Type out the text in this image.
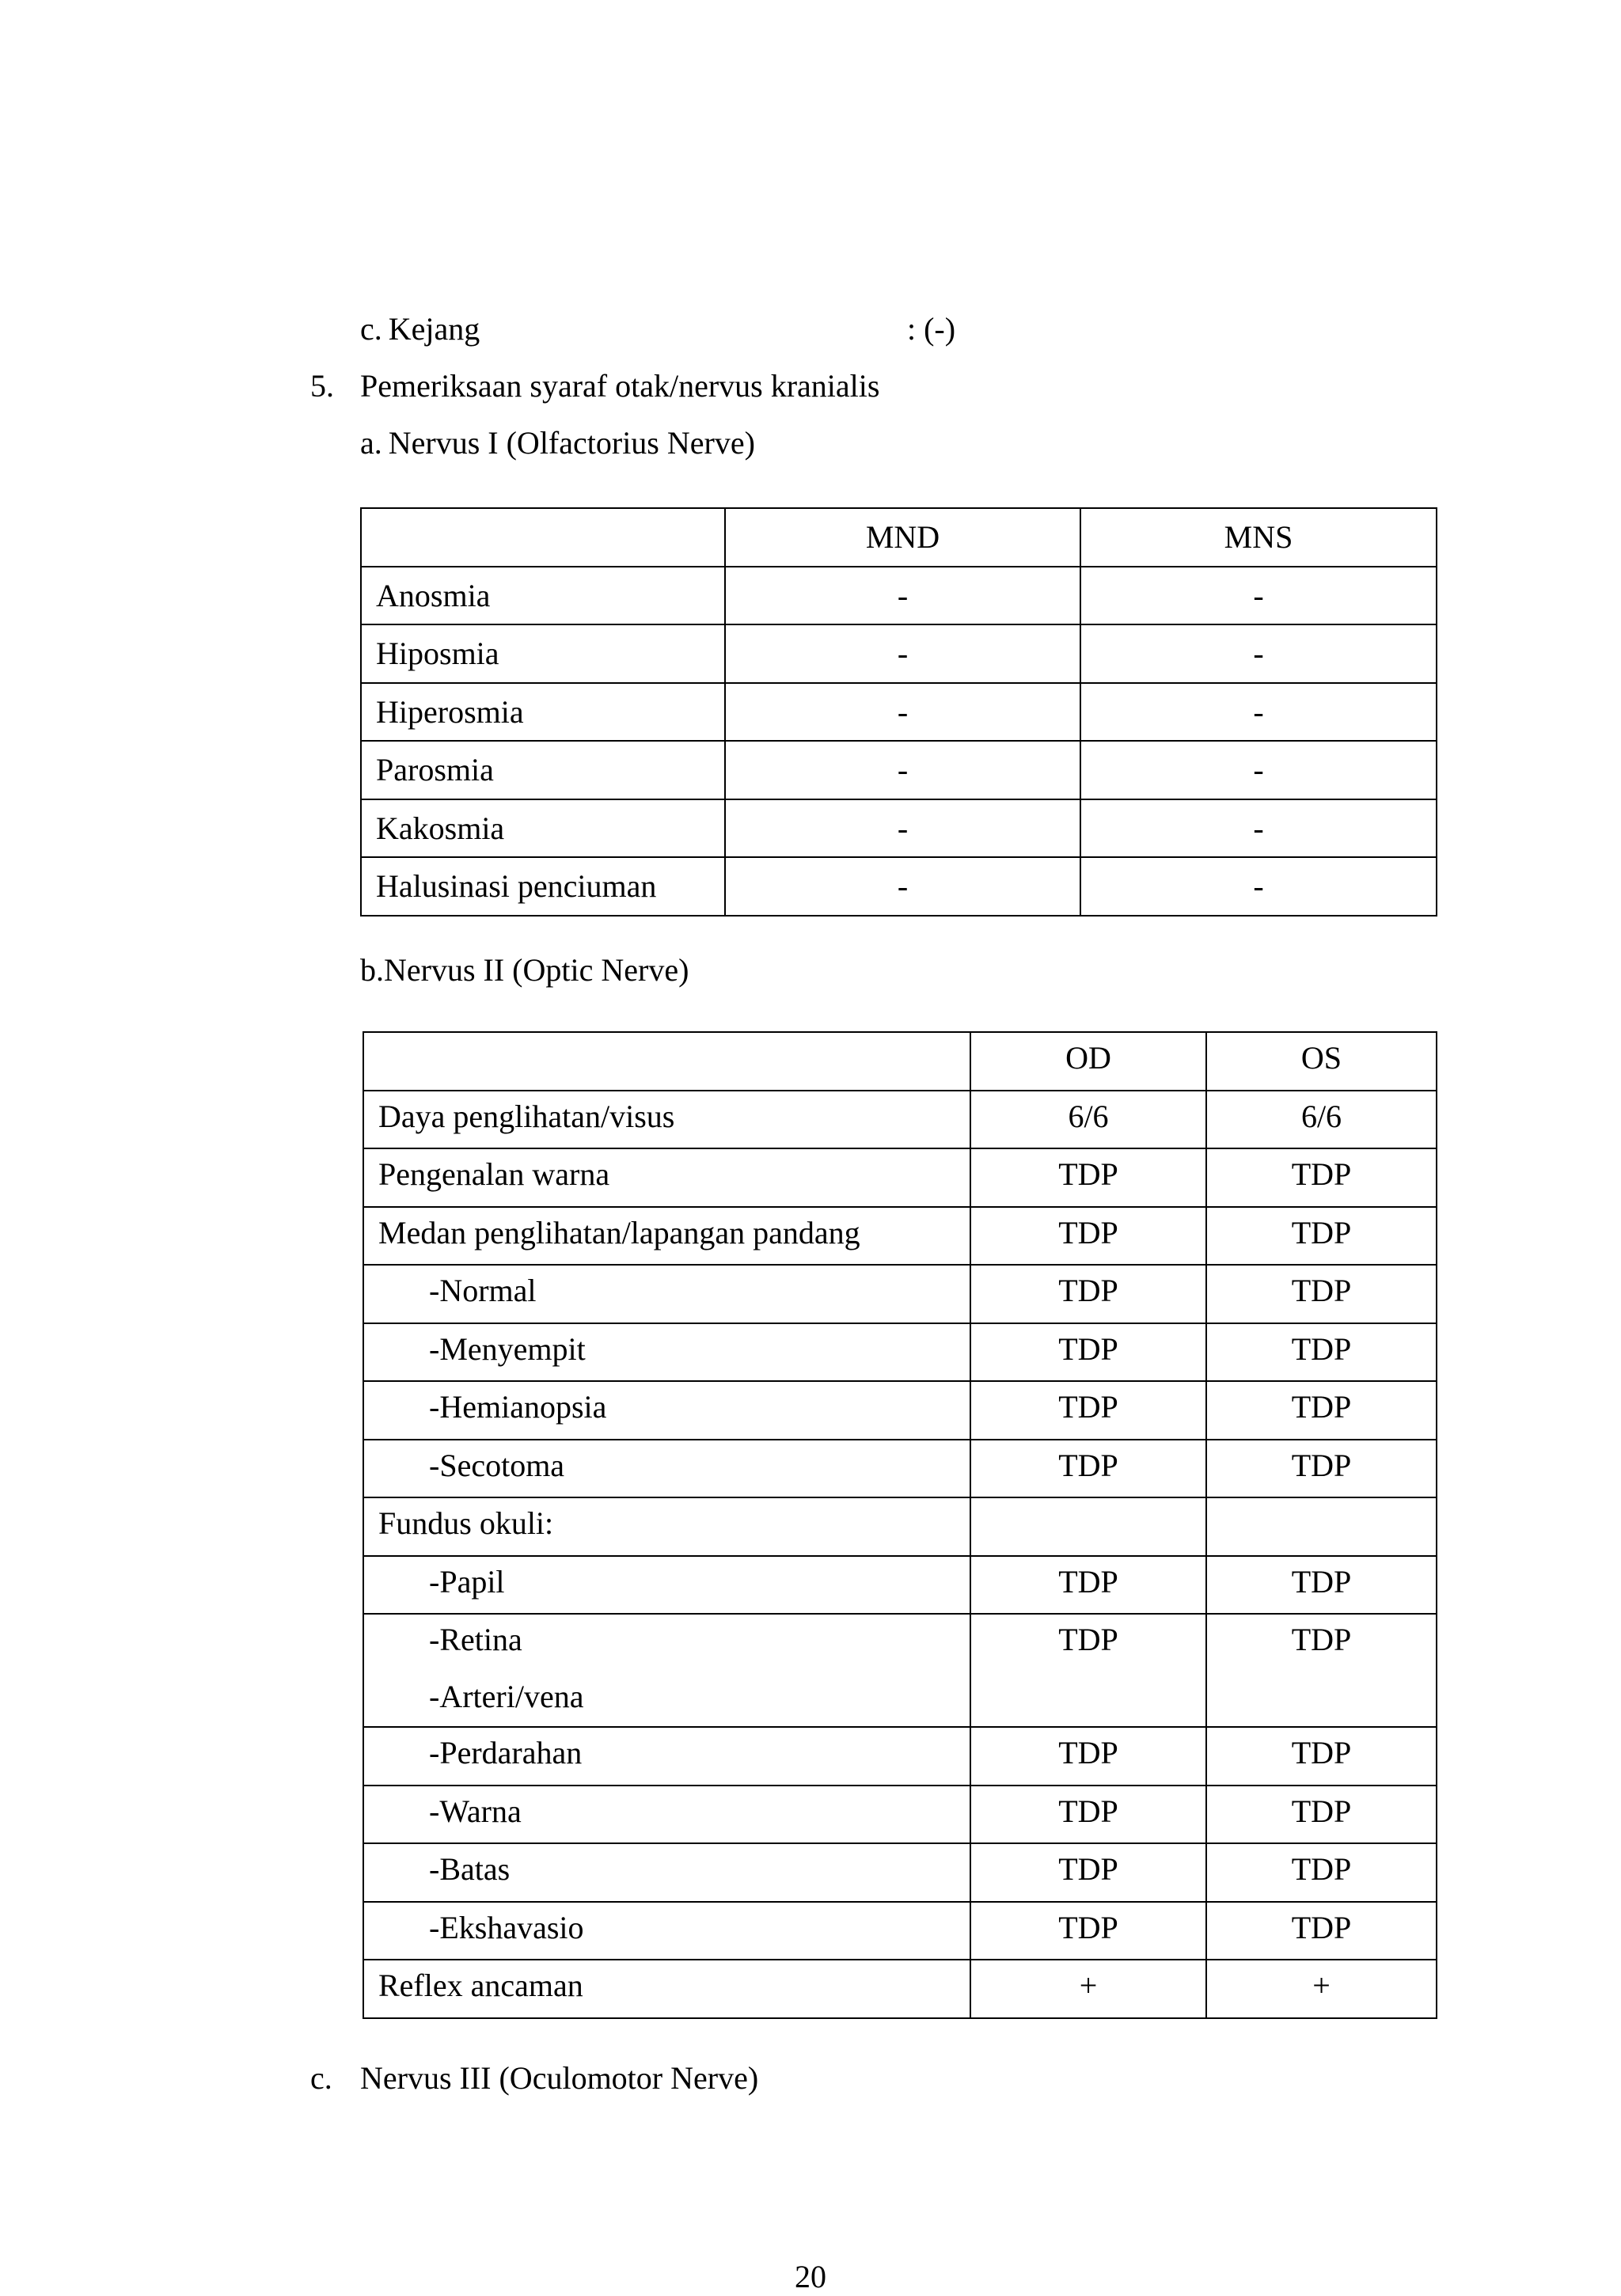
c. Kejang	: (-)
5. Pemeriksaan syaraf otak/nervus kranialis
a. Nervus I (Olfactorius Nerve)
	MND	MNS
Anosmia	-	-
Hiposmia	-	-
Hiperosmia	-	-
Parosmia	-	-
Kakosmia	-	-
Halusinasi penciuman	-	-
b.Nervus II (Optic Nerve)
	OD	OS

Daya penglihatan/visus	6/6	6/6

Pengenalan warna	TDP	TDP

Medan penglihatan/lapangan pandang	TDP	TDP

-Normal	TDP	TDP

-Menyempit	TDP	TDP

-Hemianopsia	TDP	TDP

-Secotoma	TDP	TDP

Fundus okuli:		

-Papil	TDP	TDP

-Retina
-Arteri/vena	TDP	TDP

-Perdarahan	TDP	TDP

-Warna	TDP	TDP

-Batas	TDP	TDP

-Ekshavasio	TDP	TDP

Reflex ancaman	+	+
c. Nervus III (Oculomotor Nerve)
20
